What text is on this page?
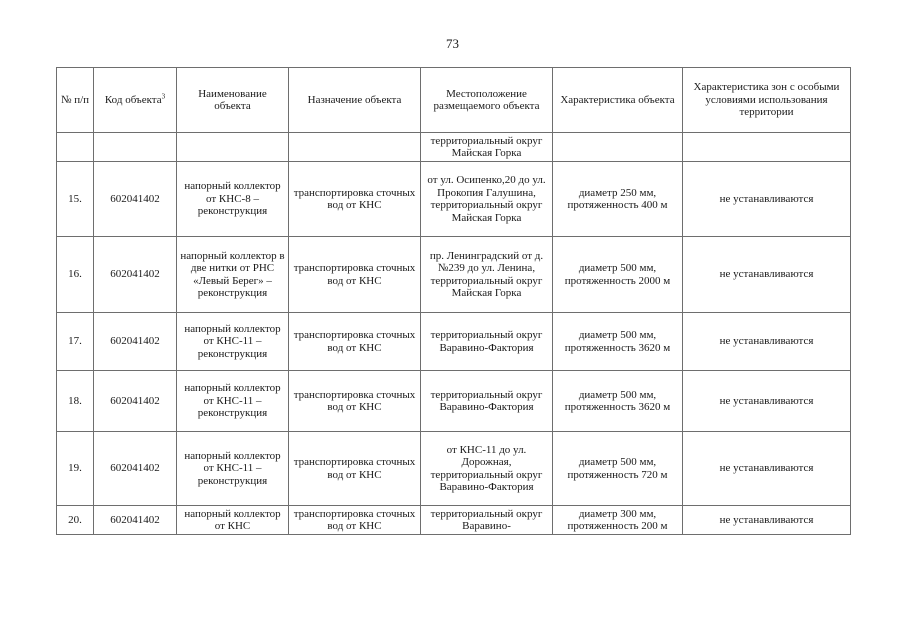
73
№ п/п	Код объекта$^3$	Наименование объекта	Назначение объекта	Местоположение размещаемого объекта	Характеристика объекта	Характеристика зон с особыми условиями использования территории
				территориальный округ Майская Горка		
15.	602041402	напорный коллектор от КНС-8 – реконструкция	транспортировка сточных вод от КНС	от ул. Осипенко,20 до ул. Прокопия Галушина, территориальный округ Майская Горка	диаметр 250 мм, протяженность 400 м	не устанавливаются
16.	602041402	напорный коллектор в две нитки от РНС «Левый Берег» – реконструкция	транспортировка сточных вод от КНС	пр. Ленинградский от д.№239 до ул. Ленина, территориальный округ Майская Горка	диаметр 500 мм, протяженность 2000 м	не устанавливаются
17.	602041402	напорный коллектор от КНС-11 – реконструкция	транспортировка сточных вод от КНС	территориальный округ Варавино-Фактория	диаметр 500 мм, протяженность 3620 м	не устанавливаются
18.	602041402	напорный коллектор от КНС-11 – реконструкция	транспортировка сточных вод от КНС	территориальный округ Варавино-Фактория	диаметр 500 мм, протяженность 3620 м	не устанавливаются
19.	602041402	напорный коллектор от КНС-11 – реконструкция	транспортировка сточных вод от КНС	от КНС-11 до ул. Дорожная, территориальный округ Варавино-Фактория	диаметр 500 мм, протяженность 720 м	не устанавливаются
20.	602041402	напорный коллектор от КНС	транспортировка сточных вод от КНС	территориальный округ Варавино-	диаметр 300 мм, протяженность 200 м	не устанавливаются
